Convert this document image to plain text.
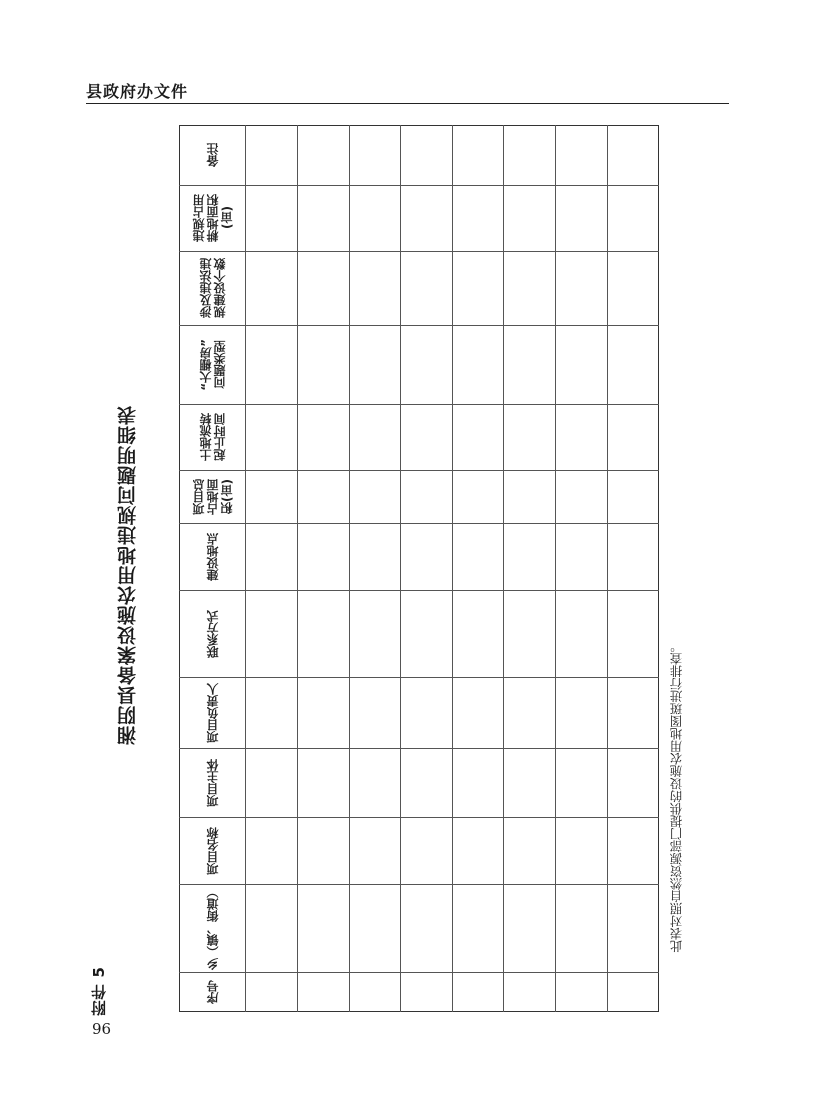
县政府办文件
附件 5
96
湘阴县备案设施农用地违规问题明细表
此表对照自然资源部门提供的设施农用地图斑进行排查。
序号
乡（镇、街道）
项目名称
项目主体
项目负责人
联系方式
建设地点
项目总
占地面
积(亩)
土地流转
起止时间
“大棚房”
问题类型
涉及违法违
规建设个数
违规占用
耕地面积
(亩)
备注
